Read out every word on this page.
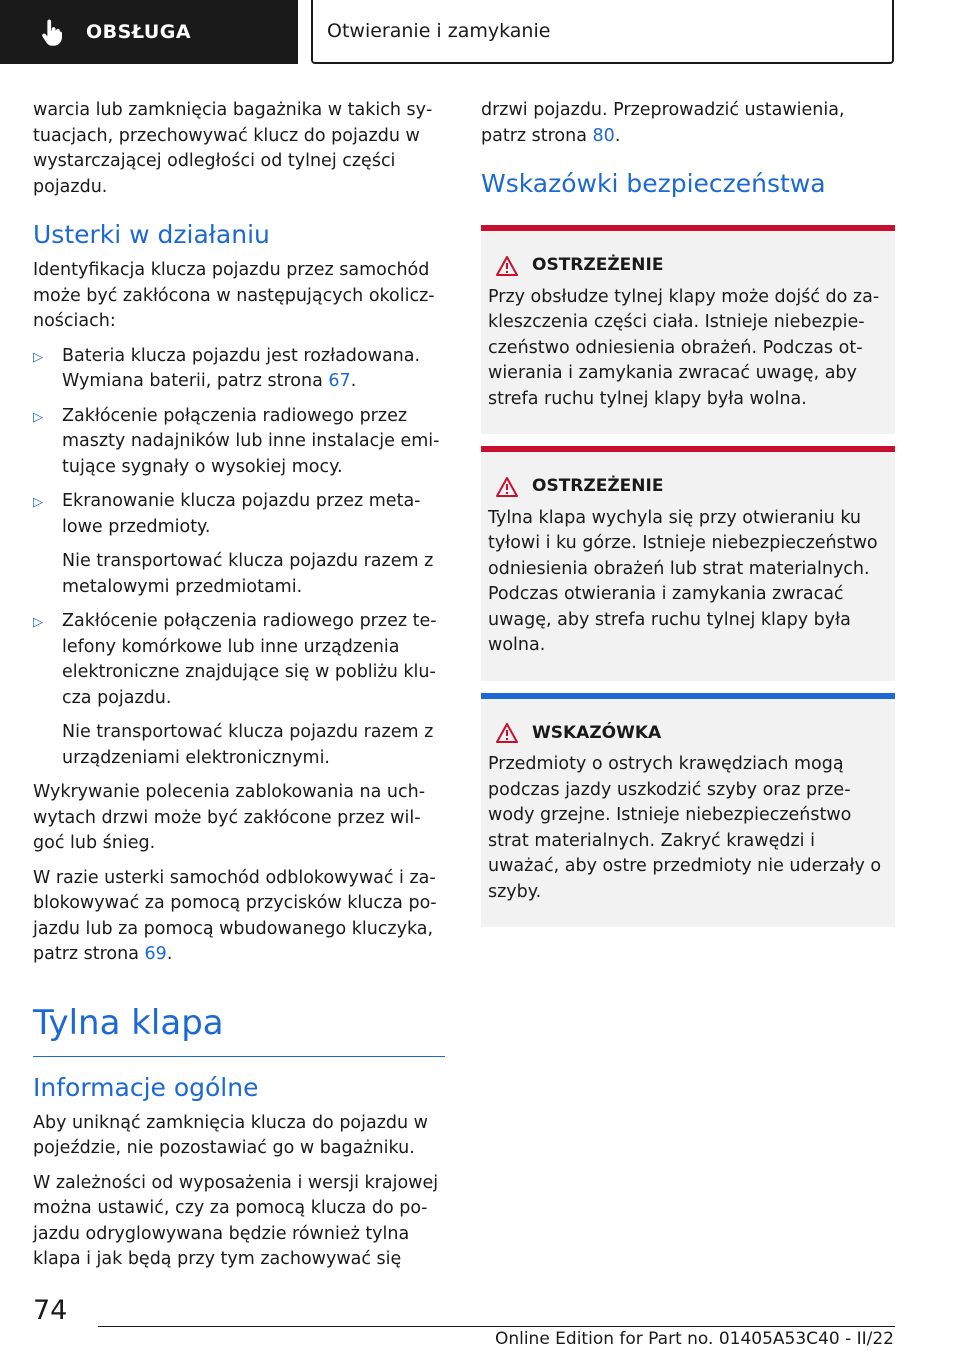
OBSŁUGA	Otwieranie i zamykanie

warcia lub zamknięcia bagażnika w takich sytuacjach, przechowywać klucz do pojazdu w wystarczającej odległości od tylnej części pojazdu.

Usterki w działaniu

Identyfikacja klucza pojazdu przez samochód może być zakłócona w następujących okolicznościach:

▷	Bateria klucza pojazdu jest rozładowana. Wymiana baterii, patrz strona 67.
▷	Zakłócenie połączenia radiowego przez maszty nadajników lub inne instalacje emitujące sygnały o wysokiej mocy.
▷	Ekranowanie klucza pojazdu przez metalowe przedmioty.
Nie transportować klucza pojazdu razem z metalowymi przedmiotami.
▷	Zakłócenie połączenia radiowego przez telefony komórkowe lub inne urządzenia elektroniczne znajdujące się w pobliżu klucza pojazdu.
Nie transportować klucza pojazdu razem z urządzeniami elektronicznymi.

Wykrywanie polecenia zablokowania na uchwytach drzwi może być zakłócone przez wilgoć lub śnieg.

W razie usterki samochód odblokowywać i zablokowywać za pomocą przycisków klucza pojazdu lub za pomocą wbudowanego kluczyka, patrz strona 69.

Tylna klapa
Informacje ogólne

Aby uniknąć zamknięcia klucza do pojazdu w pojeździe, nie pozostawiać go w bagażniku.

W zależności od wyposażenia i wersji krajowej można ustawić, czy za pomocą klucza do pojazdu odryglowywana będzie również tylna klapa i jak będą przy tym zachowywać się

drzwi pojazdu. Przeprowadzić ustawienia, patrz strona 80.

Wskazówki bezpieczeństwa
OSTRZEŻENIE
Przy obsłudze tylnej klapy może dojść do zakleszczenia części ciała. Istnieje niebezpieczeństwo odniesienia obrażeń. Podczas otwierania i zamykania zwracać uwagę, aby strefa ruchu tylnej klapy była wolna.
OSTRZEŻENIE
Tylna klapa wychyla się przy otwieraniu ku tyłowi i ku górze. Istnieje niebezpieczeństwo odniesienia obrażeń lub strat materialnych. Podczas otwierania i zamykania zwracać uwagę, aby strefa ruchu tylnej klapy była wolna.
WSKAZÓWKA
Przedmioty o ostrych krawędziach mogą podczas jazdy uszkodzić szyby oraz przewody grzejne. Istnieje niebezpieczeństwo strat materialnych. Zakryć krawędzi i uważać, aby ostre przedmioty nie uderzały o szyby.
74
Online Edition for Part no. 01405A53C40 - II/22
